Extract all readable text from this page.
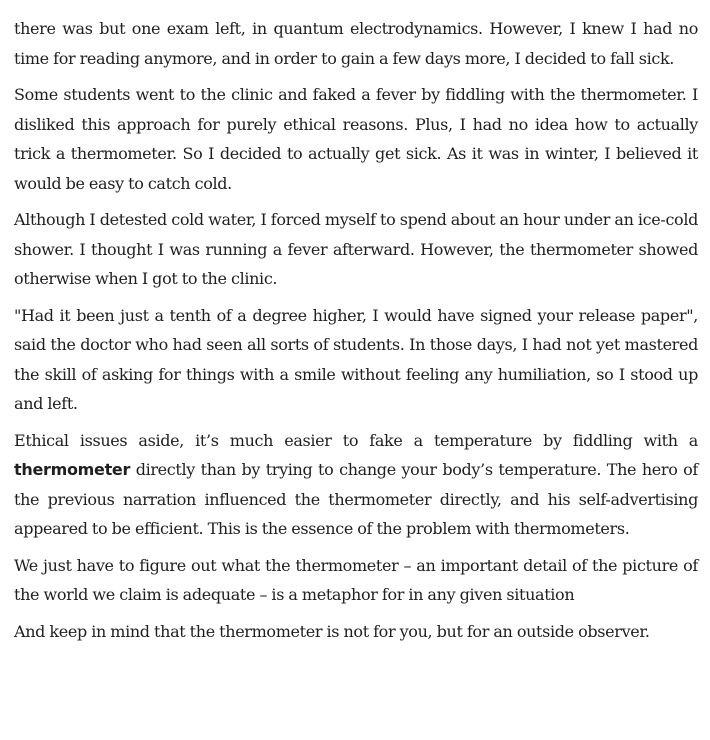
there was but one exam left, in quantum electrodynamics. However, I knew I had no time for reading anymore, and in order to gain a few days more, I decided to fall sick.

Some students went to the clinic and faked a fever by fiddling with the thermometer. I disliked this approach for purely ethical reasons. Plus, I had no idea how to actually trick a thermometer. So I decided to actually get sick. As it was in winter, I believed it would be easy to catch cold.

Although I detested cold water, I forced myself to spend about an hour under an ice-cold shower. I thought I was running a fever afterward. However, the thermometer showed otherwise when I got to the clinic.

"Had it been just a tenth of a degree higher, I would have signed your release paper", said the doctor who had seen all sorts of students. In those days, I had not yet mastered the skill of asking for things with a smile without feeling any humiliation, so I stood up and left.

Ethical issues aside, it’s much easier to fake a temperature by fiddling with a thermometer directly than by trying to change your body’s temperature. The hero of the previous narration influenced the thermometer directly, and his self-advertising appeared to be efficient. This is the essence of the problem with thermometers.

We just have to figure out what the thermometer – an important detail of the picture of the world we claim is adequate – is a metaphor for in any given situation

And keep in mind that the thermometer is not for you, but for an outside observer.
